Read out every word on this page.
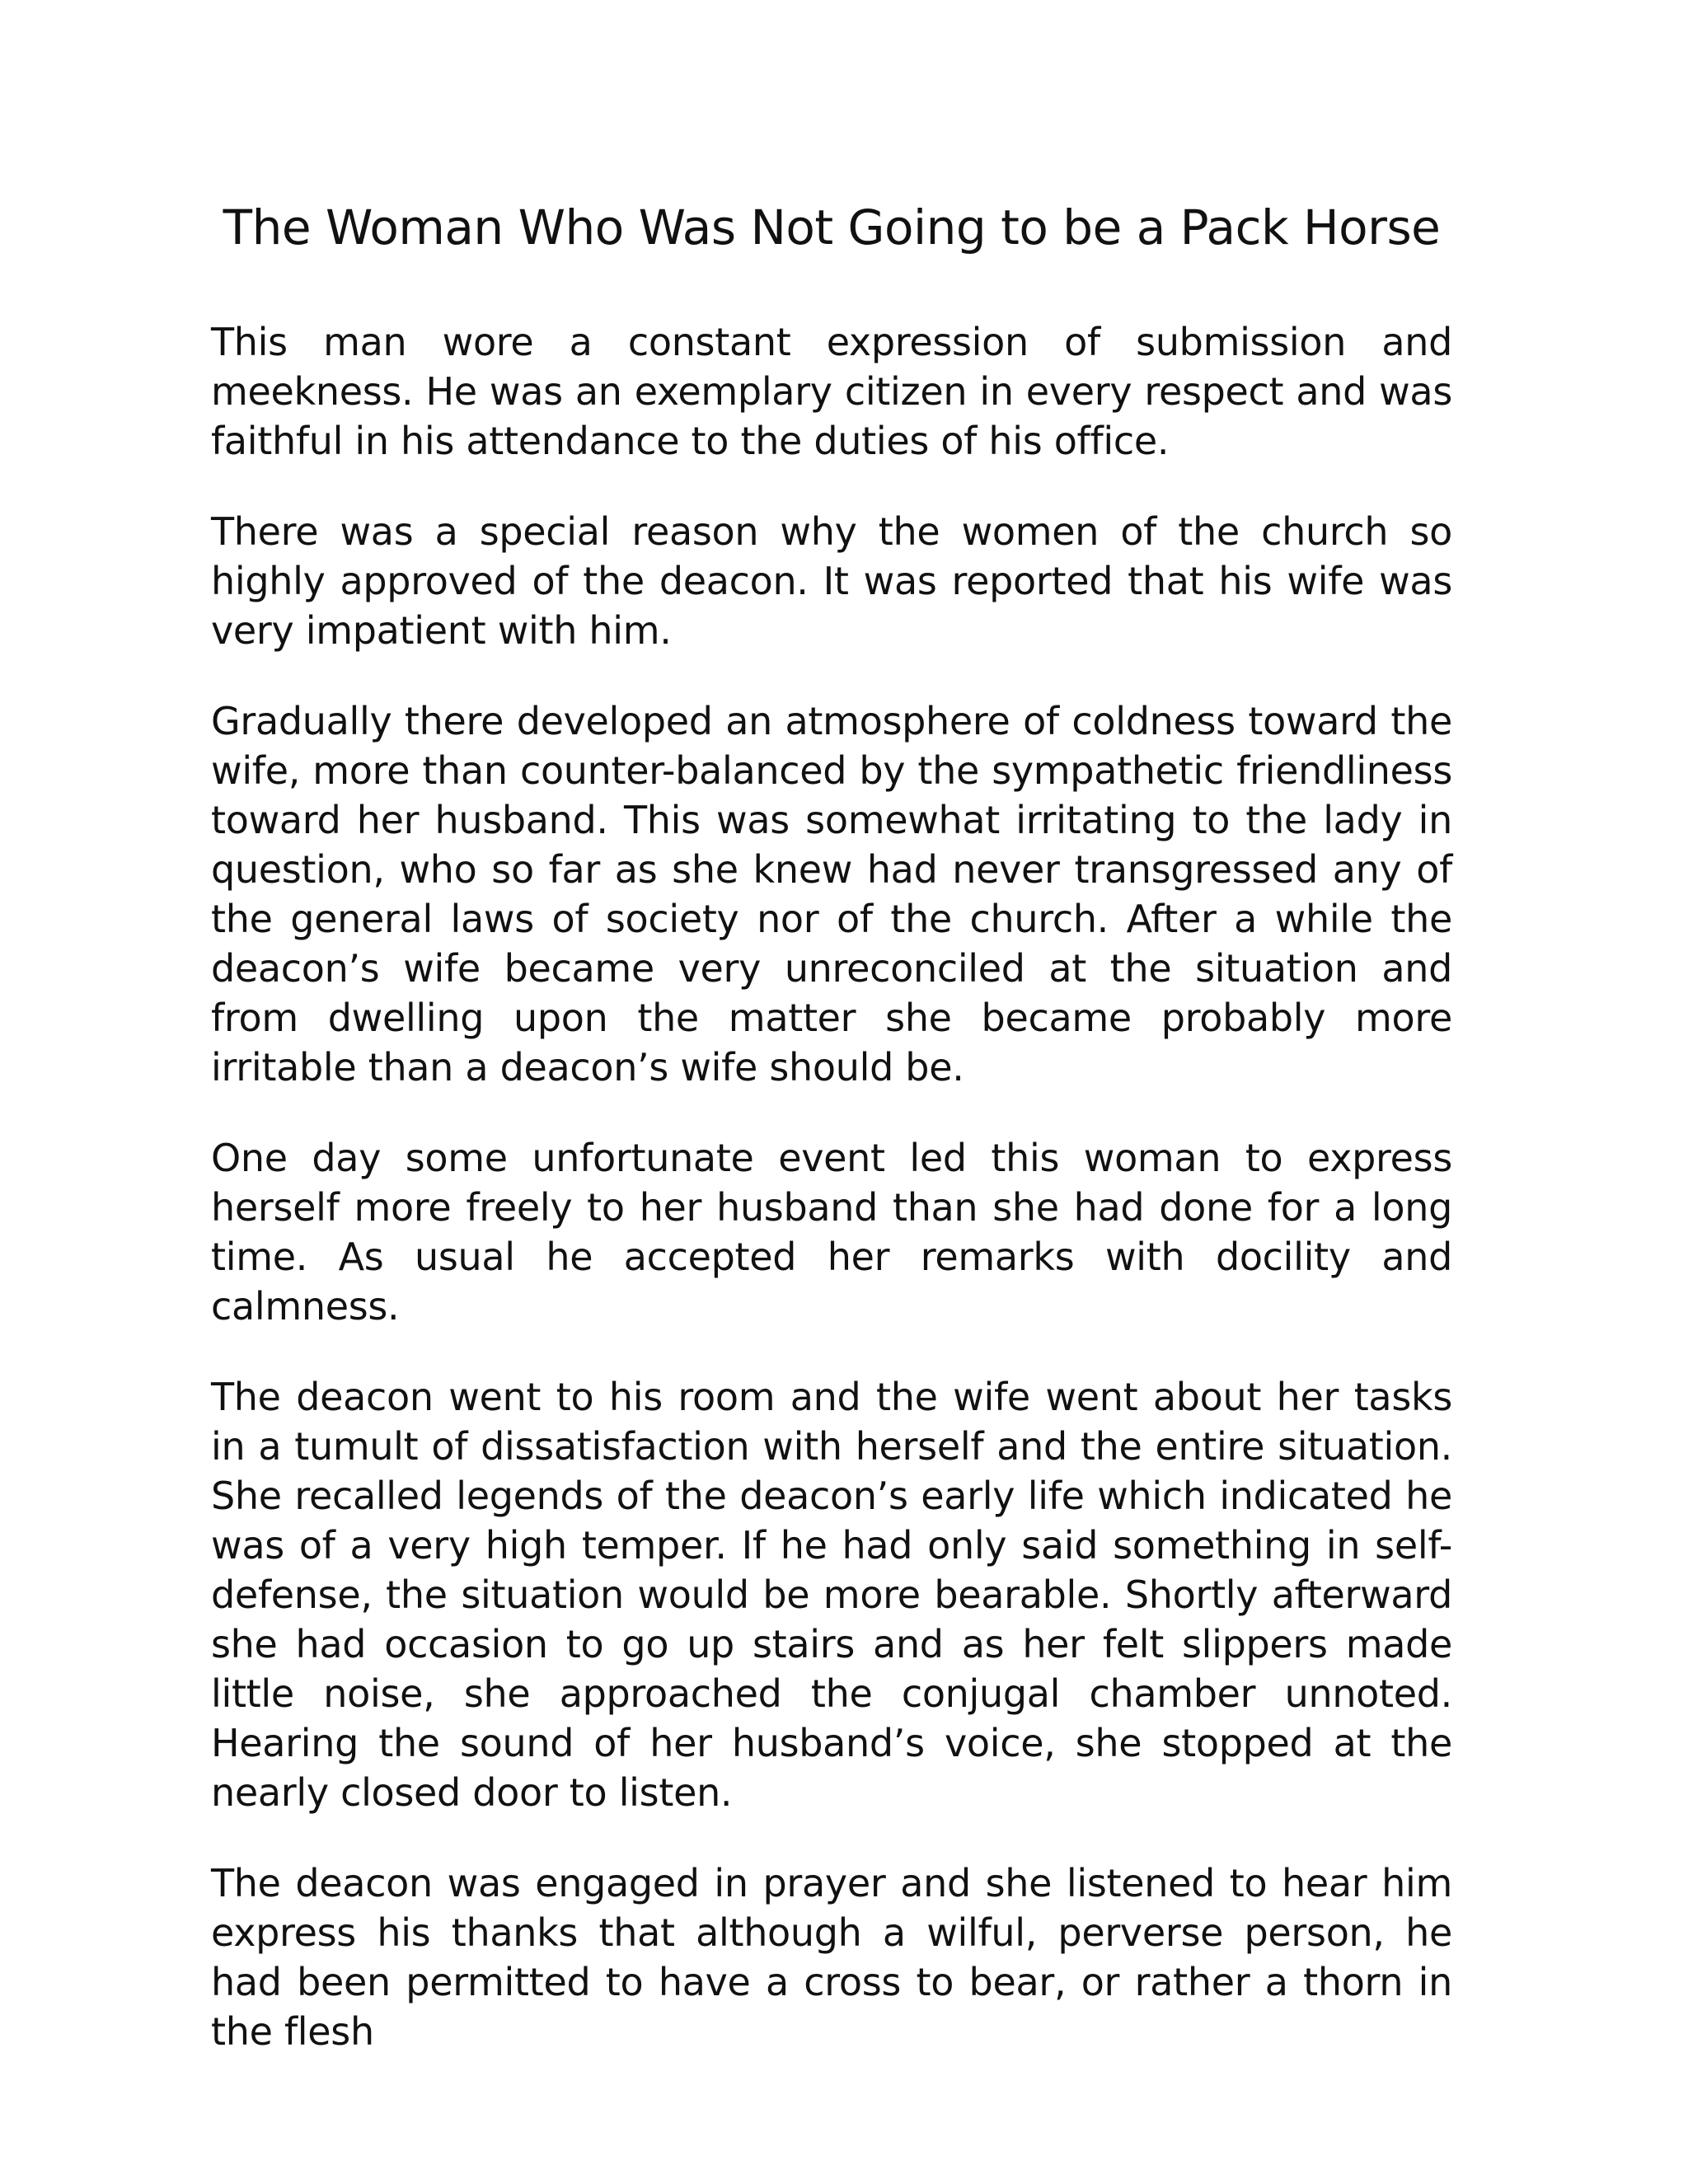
The Woman Who Was Not Going to be a Pack Horse

This man wore a constant expression of submission and meekness. He was an exemplary citizen in every respect and was faithful in his attendance to the duties of his office.

There was a special reason why the women of the church so highly approved of the deacon. It was reported that his wife was very impatient with him.

Gradually there developed an atmosphere of coldness toward the wife, more than counter-balanced by the sympathetic friendliness toward her husband. This was somewhat irritating to the lady in question, who so far as she knew had never transgressed any of the general laws of society nor of the church. After a while the deacon’s wife became very unreconciled at the situation and from dwelling upon the matter she became probably more irritable than a deacon’s wife should be.

One day some unfortunate event led this woman to express herself more freely to her husband than she had done for a long time. As usual he accepted her remarks with docility and calmness.

The deacon went to his room and the wife went about her tasks in a tumult of dissatisfaction with herself and the entire situation. She recalled legends of the deacon’s early life which indicated he was of a very high temper. If he had only said something in self-defense, the situation would be more bearable. Shortly afterward she had occasion to go up stairs and as her felt slippers made little noise, she approached the conjugal chamber unnoted. Hearing the sound of her husband’s voice, she stopped at the nearly closed door to listen.

The deacon was engaged in prayer and she listened to hear him express his thanks that although a wilful, perverse person, he had been permitted to have a cross to bear, or rather a thorn in the flesh
